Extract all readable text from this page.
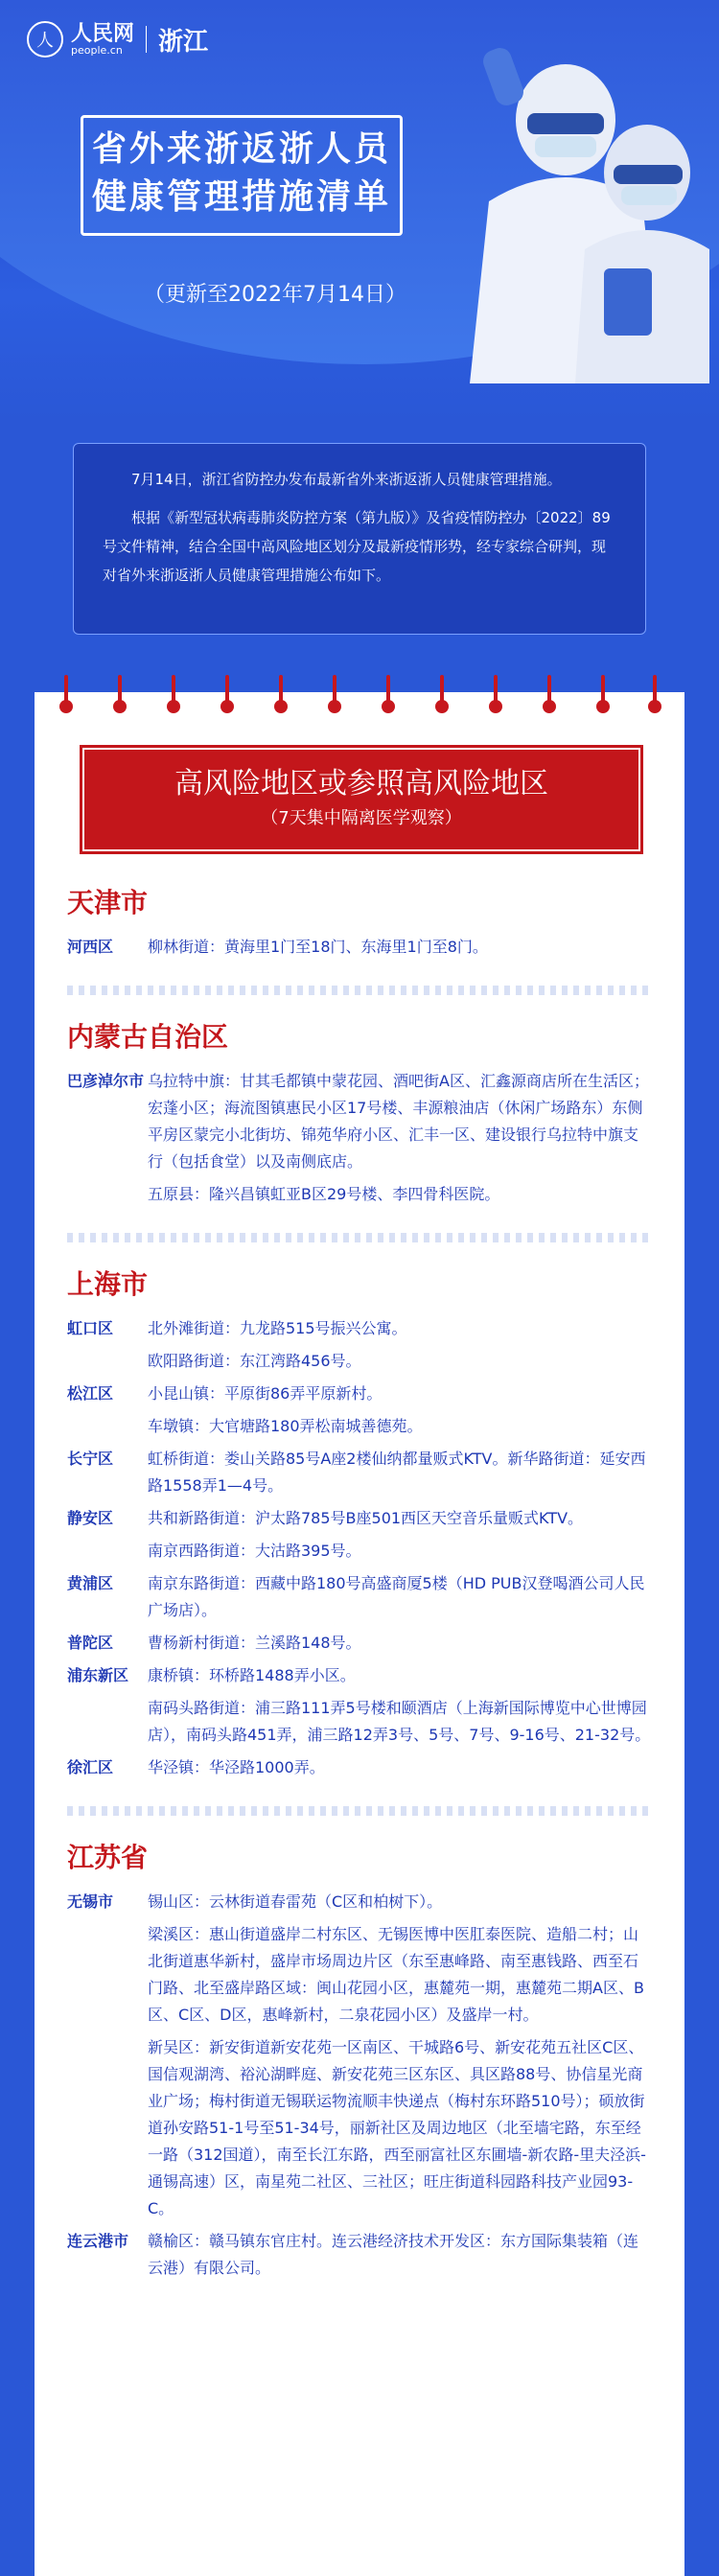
人 人民网
people.cn	浙江
省外来浙返浙人员
健康管理措施清单
（更新至2022年7月14日）

7月14日，浙江省防控办发布最新省外来浙返浙人员健康管理措施。

根据《新型冠状病毒肺炎防控方案（第九版）》及省疫情防控办〔2022〕89号文件精神，结合全国中高风险地区划分及最新疫情形势，经专家综合研判，现对省外来浙返浙人员健康管理措施公布如下。

高风险地区或参照高风险地区
（7天集中隔离医学观察）
天津市
河西区	柳林街道：黄海里1门至18门、东海里1门至8门。
内蒙古自治区
巴彦淖尔市 乌拉特中旗：甘其毛都镇中蒙花园、酒吧街A区、汇鑫源商店所在生活区；宏蓬小区；海流图镇惠民小区17号楼、丰源粮油店（休闲广场路东）东侧平房区蒙完小北街坊、锦苑华府小区、汇丰一区、建设银行乌拉特中旗支行（包括食堂）以及南侧底店。
五原县：隆兴昌镇虹亚B区29号楼、李四骨科医院。
上海市
虹口区	北外滩街道：九龙路515号振兴公寓。
欧阳路街道：东江湾路456号。
松江区	小昆山镇：平原街86弄平原新村。
车墩镇：大官塘路180弄松南城善德苑。
长宁区	虹桥街道：娄山关路85号A座2楼仙纳都量贩式KTV。新华路街道：延安西路1558弄1—4号。
静安区	共和新路街道：沪太路785号B座501西区天空音乐量贩式KTV。
南京西路街道：大沽路395号。
黄浦区	南京东路街道：西藏中路180号高盛商厦5楼（HD PUB汉登喝酒公司人民广场店）。
普陀区	曹杨新村街道：兰溪路148号。
浦东新区	康桥镇：环桥路1488弄小区。
南码头路街道：浦三路111弄5号楼和颐酒店（上海新国际博览中心世博园店），南码头路451弄，浦三路12弄3号、5号、7号、9-16号、21-32号。
徐汇区	华泾镇：华泾路1000弄。
江苏省
无锡市	锡山区：云林街道春雷苑（C区和柏树下）。
梁溪区：惠山街道盛岸二村东区、无锡医博中医肛泰医院、造船二村；山北街道惠华新村，盛岸市场周边片区（东至惠峰路、南至惠钱路、西至石门路、北至盛岸路区域：闽山花园小区，惠麓苑一期，惠麓苑二期A区、B区、C区、D区，惠峰新村，二泉花园小区）及盛岸一村。
新吴区：新安街道新安花苑一区南区、干城路6号、新安花苑五社区C区、国信观湖湾、裕沁湖畔庭、新安花苑三区东区、具区路88号、协信星光商业广场；梅村街道无锡联运物流顺丰快递点（梅村东环路510号）；硕放街道孙安路51-1号至51-34号，丽新社区及周边地区（北至墙宅路，东至经一路（312国道），南至长江东路，西至丽富社区东圃墙-新农路-里夫泾浜-通锡高速）区，南星苑二社区、三社区；旺庄街道科园路科技产业园93-C。
连云港市	赣榆区：赣马镇东官庄村。连云港经济技术开发区：东方国际集装箱（连云港）有限公司。
